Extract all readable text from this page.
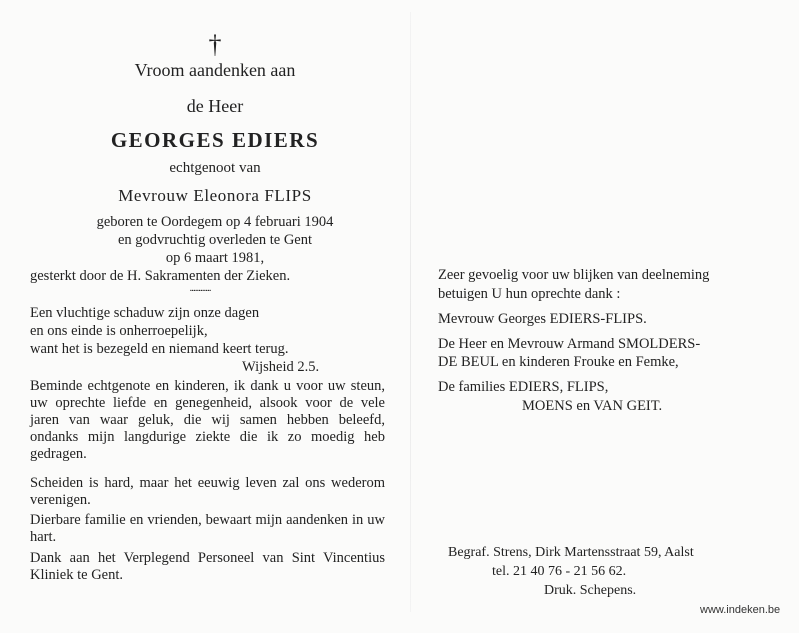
†
Vroom aandenken aan
de Heer
GEORGES EDIERS
echtgenoot van
Mevrouw Eleonora FLIPS
geboren te Oordegem op 4 februari 1904
en godvruchtig overleden te Gent
op 6 maart 1981,
gesterkt door de H. Sakramenten der Zieken.
............
Een vluchtige schaduw zijn onze dagen
en ons einde is onherroepelijk,
want het is bezegeld en niemand keert terug.
Wijsheid 2.5.
Beminde echtgenote en kinderen, ik dank u voor uw steun, uw oprechte liefde en genegenheid, alsook voor de vele jaren van waar geluk, die wij samen hebben beleefd, ondanks mijn langdurige ziekte die ik zo moedig heb gedragen.
Scheiden is hard, maar het eeuwig leven zal ons wederom verenigen.
Dierbare familie en vrienden, bewaart mijn aandenken in uw hart.
Dank aan het Verplegend Personeel van Sint Vincentius Kliniek te Gent.
Zeer gevoelig voor uw blijken van deelneming
betuigen U hun oprechte dank :
Mevrouw Georges EDIERS-FLIPS.
De Heer en Mevrouw Armand SMOLDERS-
DE BEUL en kinderen Frouke en Femke,
De families EDIERS, FLIPS,
MOENS en VAN GEIT.
Begraf. Strens, Dirk Martensstraat 59, Aalst
tel. 21 40 76 - 21 56 62.
Druk. Schepens.
www.indeken.be
